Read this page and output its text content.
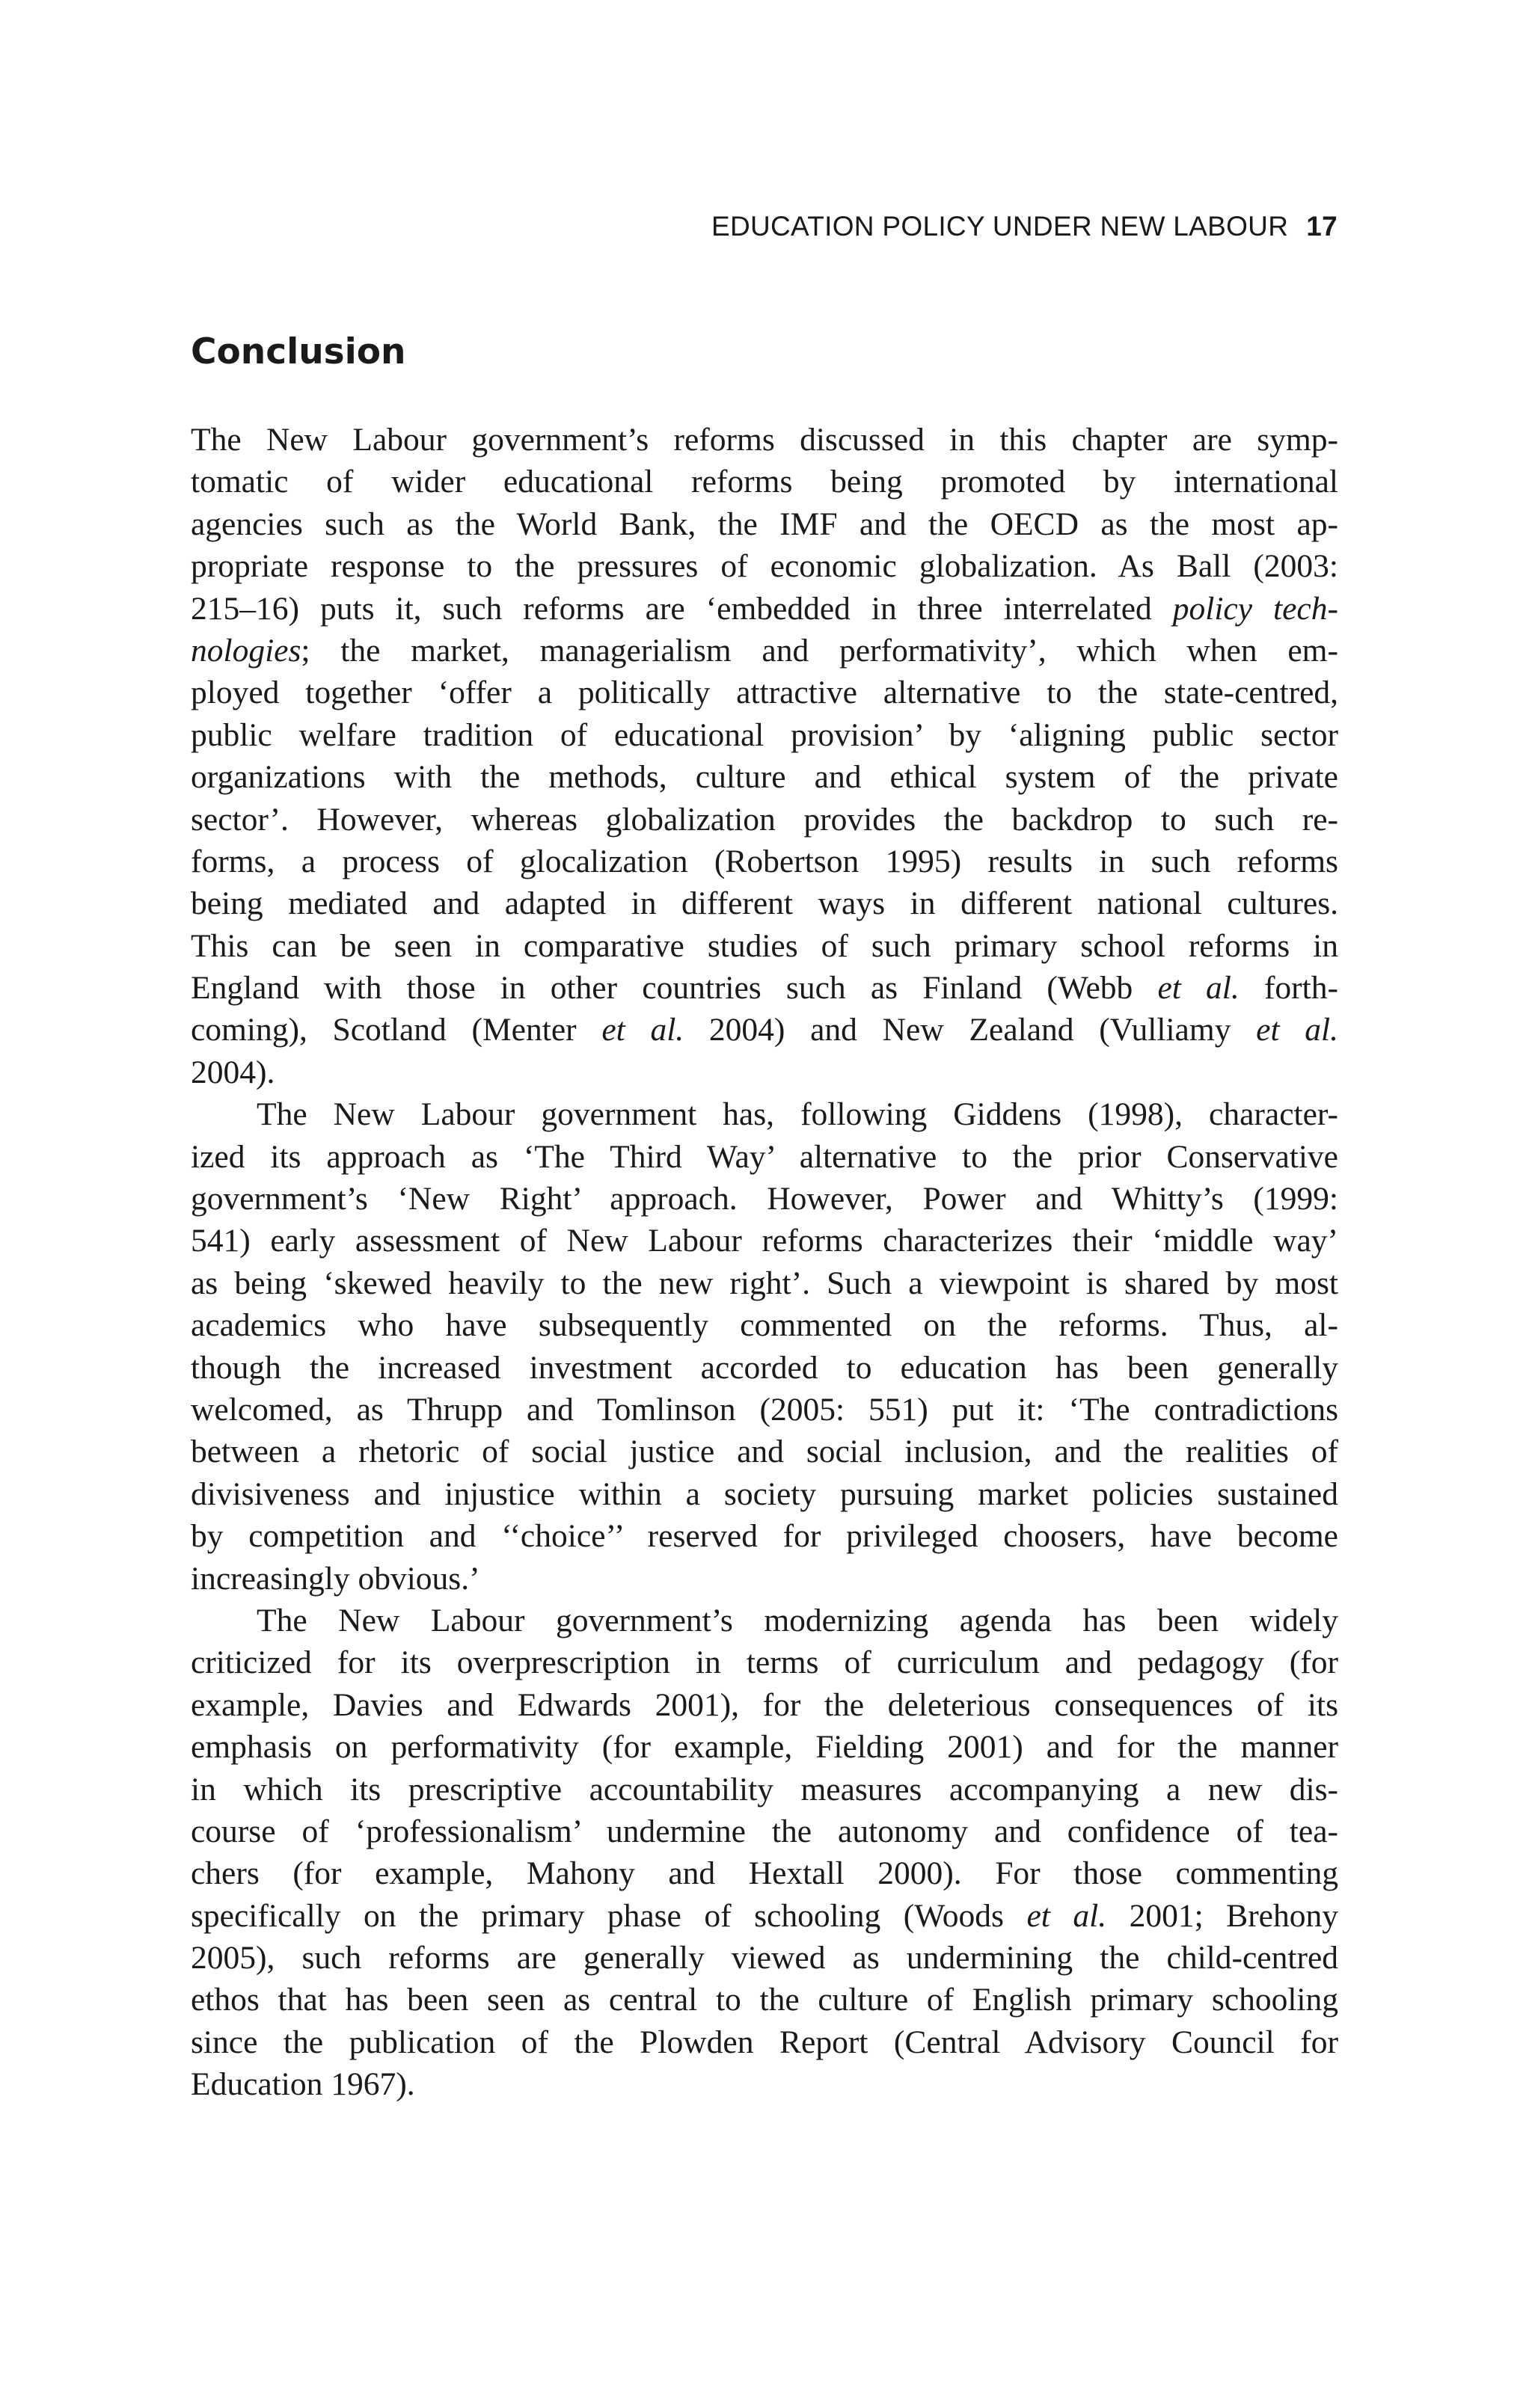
EDUCATION POLICY UNDER NEW LABOUR 17
Conclusion
The New Labour government’s reforms discussed in this chapter are symp-
tomatic of wider educational reforms being promoted by international
agencies such as the World Bank, the IMF and the OECD as the most ap-
propriate response to the pressures of economic globalization. As Ball (2003:
215–16) puts it, such reforms are ‘embedded in three interrelated policy tech-
nologies; the market, managerialism and performativity’, which when em-
ployed together ‘offer a politically attractive alternative to the state-centred,
public welfare tradition of educational provision’ by ‘aligning public sector
organizations with the methods, culture and ethical system of the private
sector’. However, whereas globalization provides the backdrop to such re-
forms, a process of glocalization (Robertson 1995) results in such reforms
being mediated and adapted in different ways in different national cultures.
This can be seen in comparative studies of such primary school reforms in
England with those in other countries such as Finland (Webb et al. forth-
coming), Scotland (Menter et al. 2004) and New Zealand (Vulliamy et al.
2004).
The New Labour government has, following Giddens (1998), character-
ized its approach as ‘The Third Way’ alternative to the prior Conservative
government’s ‘New Right’ approach. However, Power and Whitty’s (1999:
541) early assessment of New Labour reforms characterizes their ‘middle way’
as being ‘skewed heavily to the new right’. Such a viewpoint is shared by most
academics who have subsequently commented on the reforms. Thus, al-
though the increased investment accorded to education has been generally
welcomed, as Thrupp and Tomlinson (2005: 551) put it: ‘The contradictions
between a rhetoric of social justice and social inclusion, and the realities of
divisiveness and injustice within a society pursuing market policies sustained
by competition and ‘‘choice’’ reserved for privileged choosers, have become
increasingly obvious.’
The New Labour government’s modernizing agenda has been widely
criticized for its overprescription in terms of curriculum and pedagogy (for
example, Davies and Edwards 2001), for the deleterious consequences of its
emphasis on performativity (for example, Fielding 2001) and for the manner
in which its prescriptive accountability measures accompanying a new dis-
course of ‘professionalism’ undermine the autonomy and confidence of tea-
chers (for example, Mahony and Hextall 2000). For those commenting
specifically on the primary phase of schooling (Woods et al. 2001; Brehony
2005), such reforms are generally viewed as undermining the child-centred
ethos that has been seen as central to the culture of English primary schooling
since the publication of the Plowden Report (Central Advisory Council for
Education 1967).
